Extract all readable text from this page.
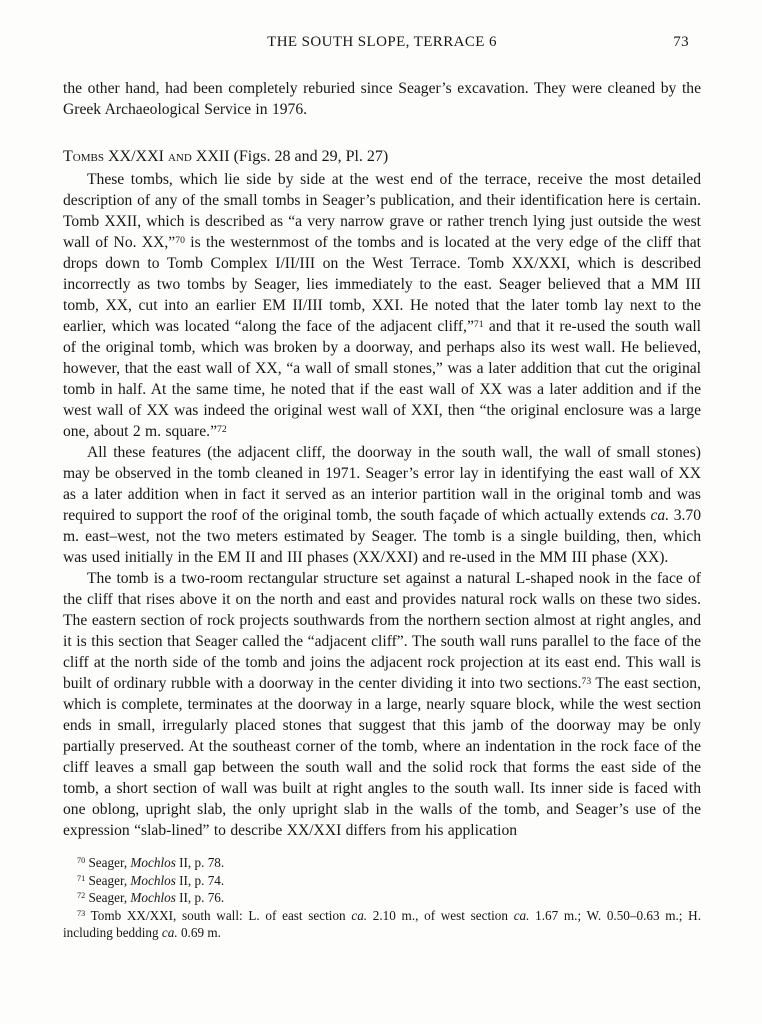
THE SOUTH SLOPE, TERRACE 6	73

the other hand, had been completely reburied since Seager’s excavation. They were cleaned by the Greek Archaeological Service in 1976.

Tombs XX/XXI and XXII (Figs. 28 and 29, Pl. 27)

These tombs, which lie side by side at the west end of the terrace, receive the most detailed description of any of the small tombs in Seager’s publication, and their identification here is certain. Tomb XXII, which is described as “a very narrow grave or rather trench lying just outside the west wall of No. XX,”$^{70}$ is the westernmost of the tombs and is located at the very edge of the cliff that drops down to Tomb Complex I/II/III on the West Terrace. Tomb XX/XXI, which is described incorrectly as two tombs by Seager, lies immediately to the east. Seager believed that a MM III tomb, XX, cut into an earlier EM II/III tomb, XXI. He noted that the later tomb lay next to the earlier, which was located “along the face of the adjacent cliff,”$^{71}$ and that it re-used the south wall of the original tomb, which was broken by a doorway, and perhaps also its west wall. He believed, however, that the east wall of XX, “a wall of small stones,” was a later addition that cut the original tomb in half. At the same time, he noted that if the east wall of XX was a later addition and if the west wall of XX was indeed the original west wall of XXI, then “the original enclosure was a large one, about 2 m. square.”$^{72}$

All these features (the adjacent cliff, the doorway in the south wall, the wall of small stones) may be observed in the tomb cleaned in 1971. Seager’s error lay in identifying the east wall of XX as a later addition when in fact it served as an interior partition wall in the original tomb and was required to support the roof of the original tomb, the south façade of which actually extends ca. 3.70 m. east–west, not the two meters estimated by Seager. The tomb is a single building, then, which was used initially in the EM II and III phases (XX/XXI) and re-used in the MM III phase (XX).

The tomb is a two-room rectangular structure set against a natural L-shaped nook in the face of the cliff that rises above it on the north and east and provides natural rock walls on these two sides. The eastern section of rock projects southwards from the northern section almost at right angles, and it is this section that Seager called the “adjacent cliff”. The south wall runs parallel to the face of the cliff at the north side of the tomb and joins the adjacent rock projection at its east end. This wall is built of ordinary rubble with a doorway in the center dividing it into two sections.$^{73}$ The east section, which is complete, terminates at the doorway in a large, nearly square block, while the west section ends in small, irregularly placed stones that suggest that this jamb of the doorway may be only partially preserved. At the southeast corner of the tomb, where an indentation in the rock face of the cliff leaves a small gap between the south wall and the solid rock that forms the east side of the tomb, a short section of wall was built at right angles to the south wall. Its inner side is faced with one oblong, upright slab, the only upright slab in the walls of the tomb, and Seager’s use of the expression “slab-lined” to describe XX/XXI differs from his application

$^{70}$ Seager, Mochlos II, p. 78.

$^{71}$ Seager, Mochlos II, p. 74.

$^{72}$ Seager, Mochlos II, p. 76.

$^{73}$ Tomb XX/XXI, south wall: L. of east section ca. 2.10 m., of west section ca. 1.67 m.; W. 0.50–0.63 m.; H. including bedding ca. 0.69 m.
